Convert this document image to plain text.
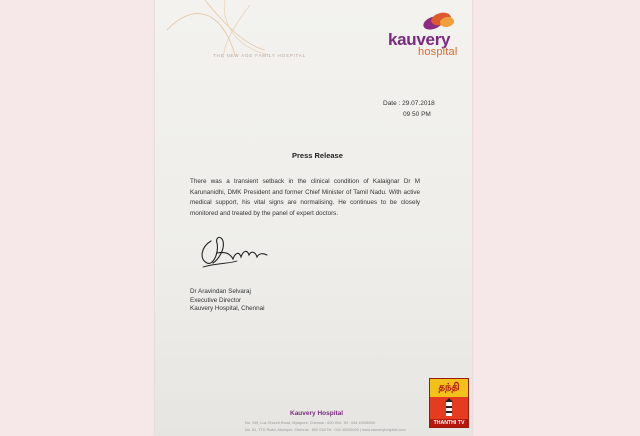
THE NEW AGE FAMILY HOSPITAL
kauvery
hospital
Date : 29.07.2018
09 50 PM
Press Release
There was a transient setback in the clinical condition of Kalaignar Dr M Karunanidhi, DMK President and former Chief Minister of Tamil Nadu. With active medical support, his vital signs are normalising. He continues to be closely monitored and treated by the panel of expert doctors.
Dr Aravindan Selvaraj
Executive Director
Kauvery Hospital, Chennai
Kauvery Hospital
No. 199, Luz Church Road, Mylapore, Chennai - 600 004. Tel : 044 40006000
No. 81, TTK Road, Alwarpet, Chennai - 600 018 Tel : 044 40006000 | www.kauveryhospital.com
தந்தி
THANTHI TV
